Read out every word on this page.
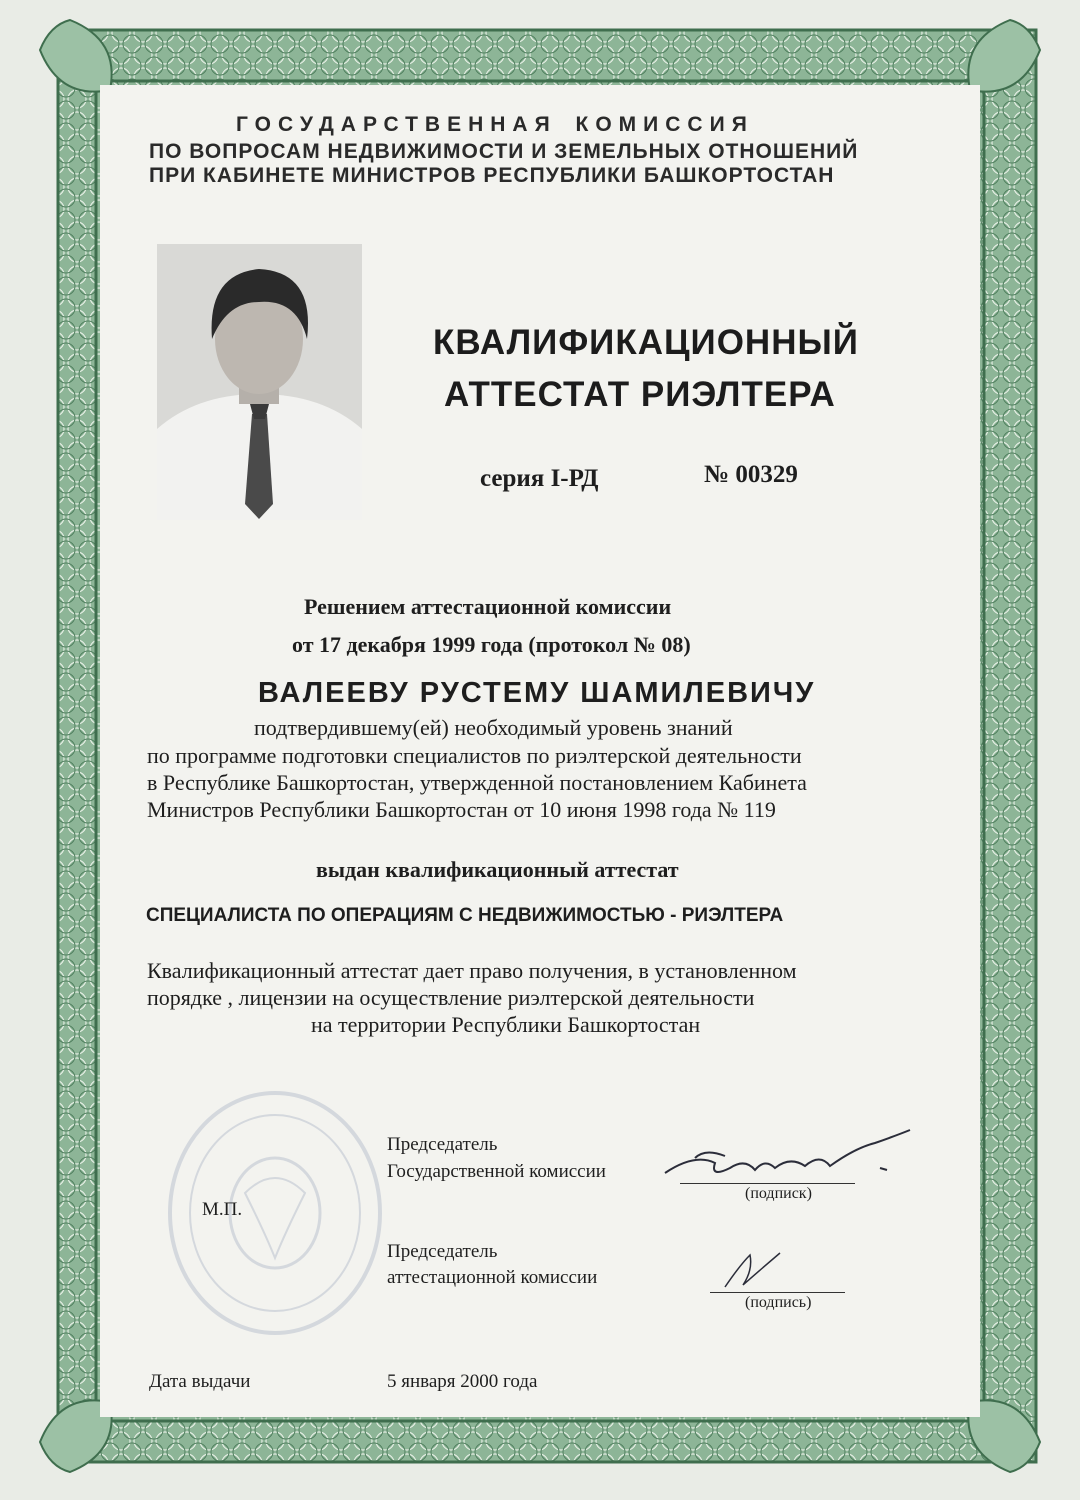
ГОСУДАРСТВЕННАЯ КОМИССИЯ
ПО ВОПРОСАМ НЕДВИЖИМОСТИ И ЗЕМЕЛЬНЫХ ОТНОШЕНИЙ
ПРИ КАБИНЕТЕ МИНИСТРОВ РЕСПУБЛИКИ БАШКОРТОСТАН
КВАЛИФИКАЦИОННЫЙ
АТТЕСТАТ РИЭЛТЕРА
серия І-РД	№ 00329
Решением аттестационной комиссии
от 17 декабря 1999 года (протокол № 08)
ВАЛЕЕВУ РУСТЕМУ ШАМИЛЕВИЧУ
подтвердившему(ей) необходимый уровень знаний
по программе подготовки специалистов по риэлтерской деятельности
в Республике Башкортостан, утвержденной постановлением Кабинета
Министров Республики Башкортостан от 10 июня 1998 года № 119
выдан квалификационный аттестат
СПЕЦИАЛИСТА ПО ОПЕРАЦИЯМ С НЕДВИЖИМОСТЬЮ - РИЭЛТЕРА
Квалификационный аттестат дает право получения, в установленном
порядке , лицензии на осуществление риэлтерской деятельности
на территории Республики Башкортостан
М.П.
Председатель
Государственной комиссии
(подписк)
Председатель
аттестационной комиссии
(подпись)
Дата выдачи	5 января 2000 года
